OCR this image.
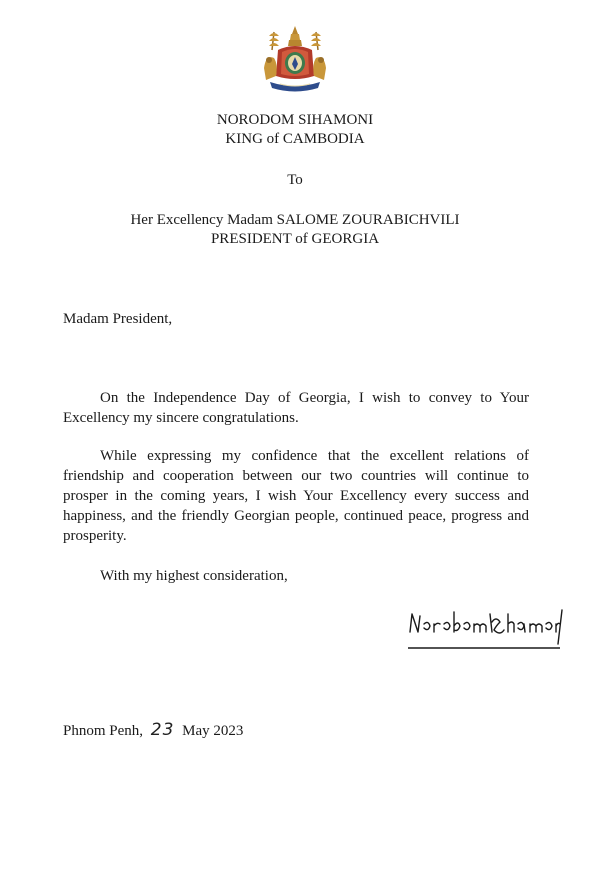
NORODOM SIHAMONI
KING of CAMBODIA
To
Her Excellency Madam SALOME ZOURABICHVILI
PRESIDENT of GEORGIA
Madam President,
On the Independence Day of Georgia, I wish to convey to Your Excellency my sincere congratulations.
While expressing my confidence that the excellent relations of friendship and cooperation between our two countries will continue to prosper in the coming years, I wish Your Excellency every success and happiness, and the friendly Georgian people, continued peace, progress and prosperity.
With my highest consideration,
Phnom Penh, 23 May 2023
